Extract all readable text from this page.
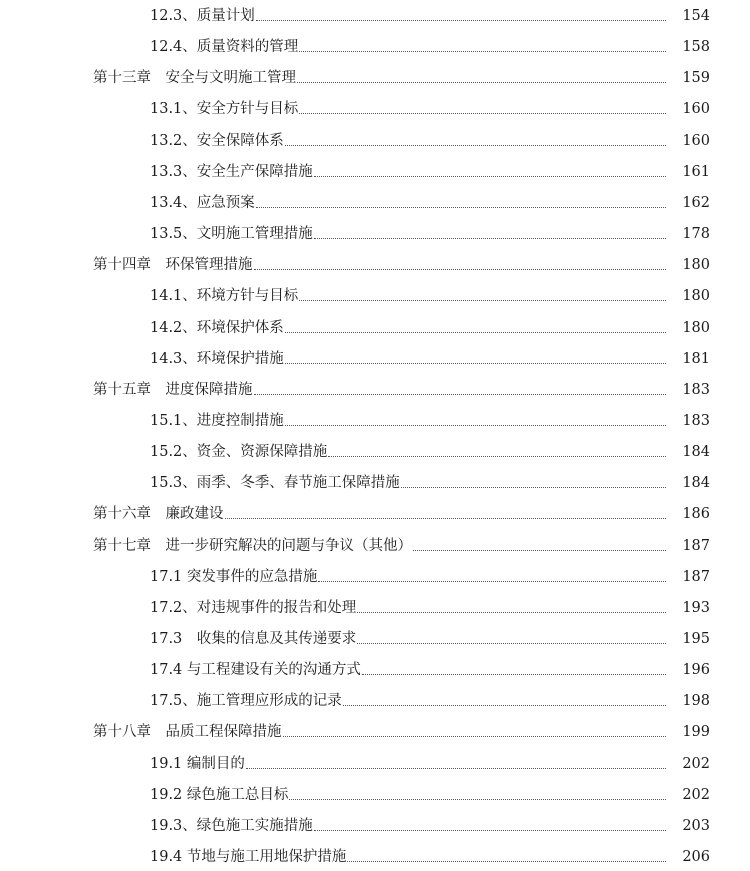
12.3、质量计划	154
12.4、质量资料的管理	158
第十三章　安全与文明施工管理	159
13.1、安全方针与目标	160
13.2、安全保障体系	160
13.3、安全生产保障措施	161
13.4、应急预案	162
13.5、文明施工管理措施	178
第十四章　环保管理措施	180
14.1、环境方针与目标	180
14.2、环境保护体系	180
14.3、环境保护措施	181
第十五章　进度保障措施	183
15.1、进度控制措施	183
15.2、资金、资源保障措施	184
15.3、雨季、冬季、春节施工保障措施	184
第十六章　廉政建设	186
第十七章　进一步研究解决的问题与争议（其他）	187
17.1 突发事件的应急措施	187
17.2、对违规事件的报告和处理	193
17.3　收集的信息及其传递要求	195
17.4 与工程建设有关的沟通方式	196
17.5、施工管理应形成的记录	198
第十八章　品质工程保障措施	199
19.1 编制目的	202
19.2 绿色施工总目标	202
19.3、绿色施工实施措施	203
19.4 节地与施工用地保护措施	206
